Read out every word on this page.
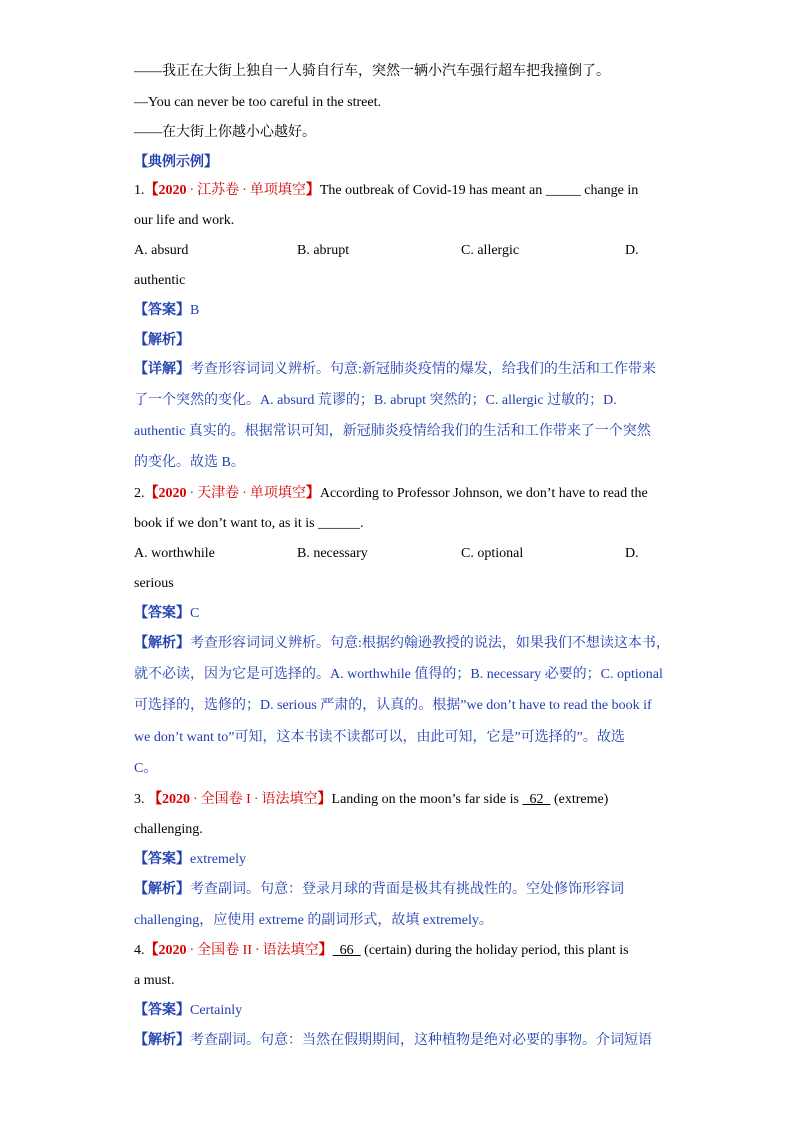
——我正在大街上独自一人骑自行车，突然一辆小汽车强行超车把我撞倒了。
—You can never be too careful in the street.
——在大街上你越小心越好。
【典例示例】
1.【2020 · 江苏卷 · 单项填空】The outbreak of Covid-19 has meant an _____ change in
our life and work.
A. absurd	B. abrupt	C. allergic	D.
authentic
【答案】B
【解析】
【详解】考查形容词词义辨析。句意:新冠肺炎疫情的爆发，给我们的生活和工作带来
了一个突然的变化。A. absurd 荒谬的；B. abrupt 突然的；C. allergic 过敏的；D.
authentic 真实的。根据常识可知，新冠肺炎疫情给我们的生活和工作带来了一个突然
的变化。故选 B。
2.【2020 · 天津卷 · 单项填空】According to Professor Johnson, we don’t have to read the
book if we don’t want to, as it is ______.
A. worthwhile	B. necessary	C. optional	D.
serious
【答案】C
【解析】考查形容词词义辨析。句意:根据约翰逊教授的说法，如果我们不想读这本书，
就不必读，因为它是可选择的。A. worthwhile 值得的；B. necessary 必要的；C. optional
可选择的，选修的；D. serious 严肃的，认真的。根据”we don’t have to read the book if
we don’t want to”可知，这本书读不读都可以，由此可知，它是”可选择的”。故选
C。
3. 【2020 · 全国卷 I · 语法填空】Landing on the moon’s far side is   62   (extreme)
challenging.
【答案】extremely
【解析】考查副词。句意：登录月球的背面是极其有挑战性的。空处修饰形容词
challenging，应使用 extreme 的副词形式，故填 extremely。
4.【2020 · 全国卷 II · 语法填空】  66   (certain) during the holiday period, this plant is
a must.
【答案】Certainly
【解析】考查副词。句意：当然在假期期间，这种植物是绝对必要的事物。介词短语
